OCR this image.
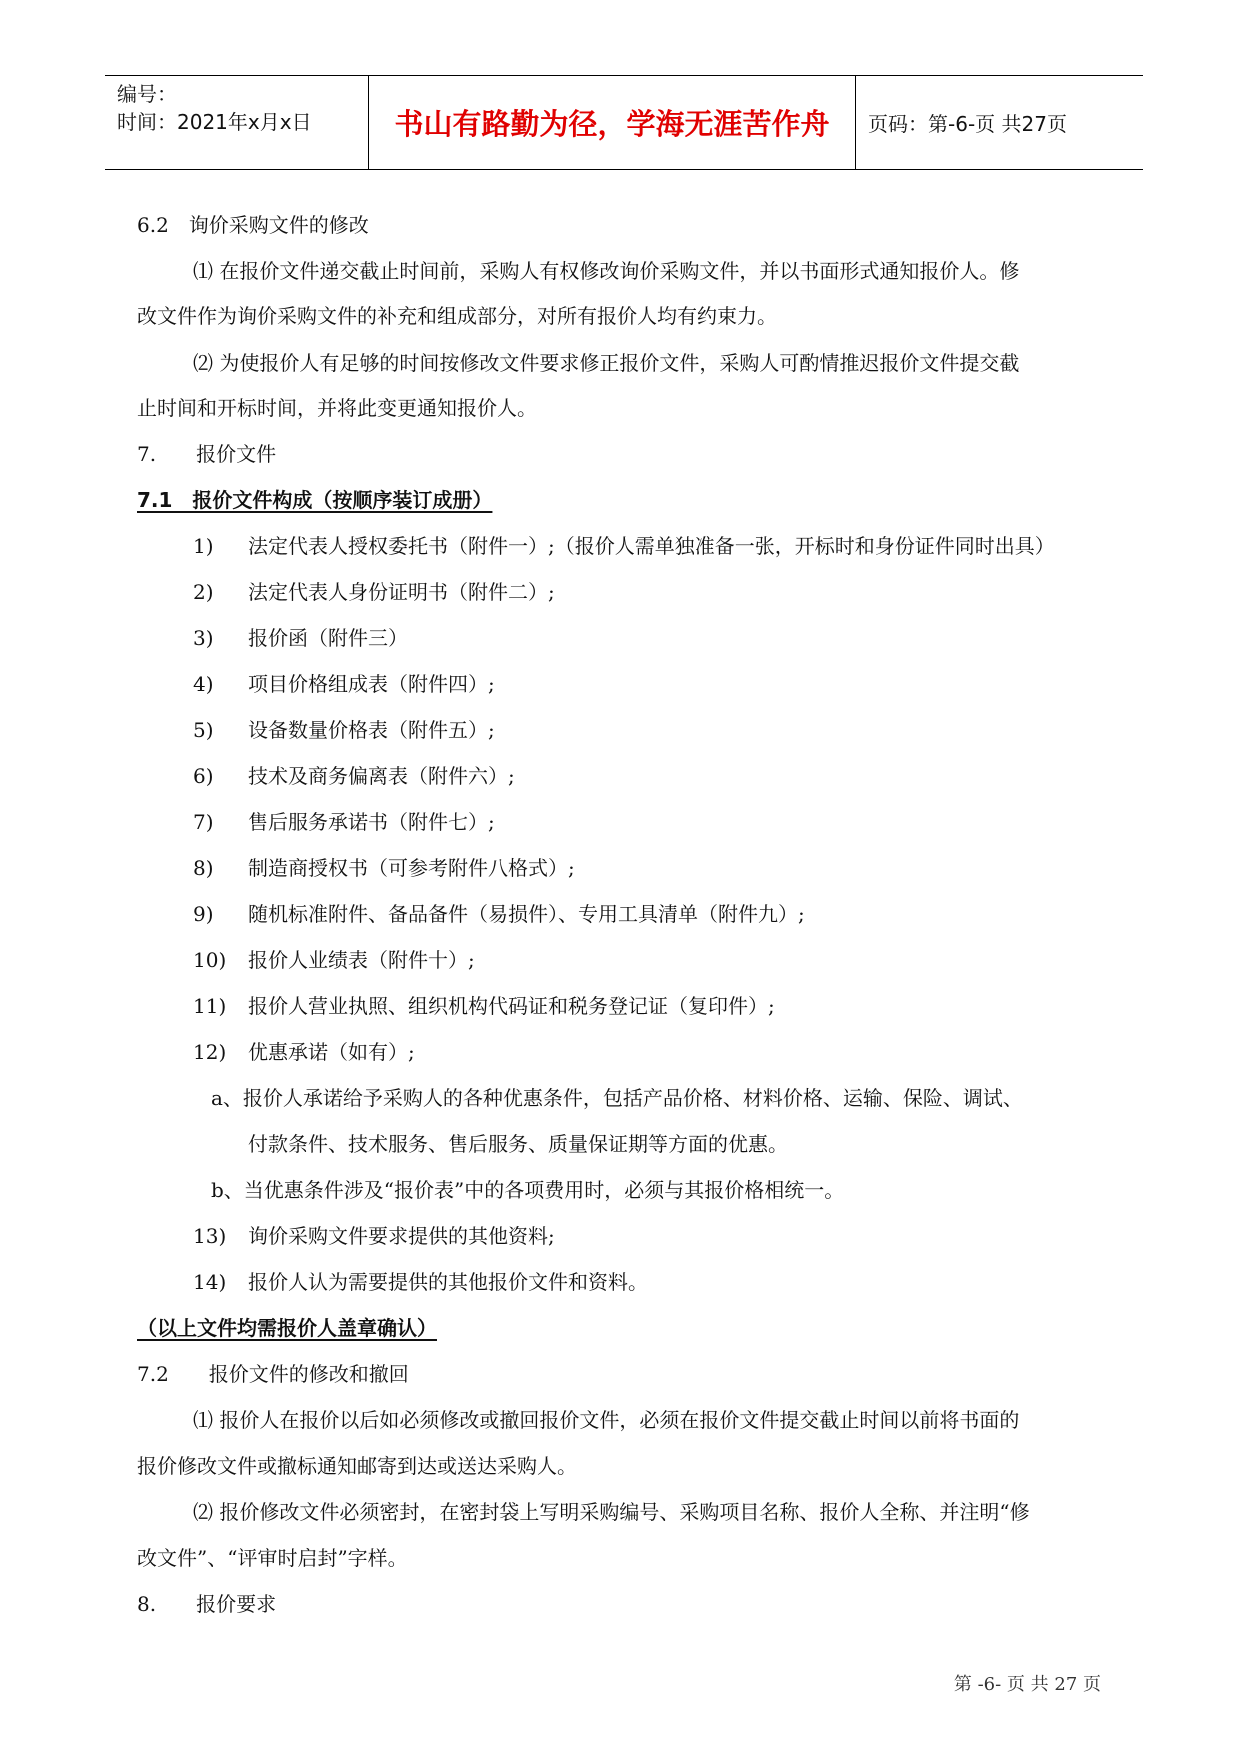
编号：
时间：2021年x月x日	书山有路勤为径，学海无涯苦作舟	页码：第-6-页 共27页
6.2　询价采购文件的修改
⑴ 在报价文件递交截止时间前，采购人有权修改询价采购文件，并以书面形式通知报价人。修
改文件作为询价采购文件的补充和组成部分，对所有报价人均有约束力。
⑵ 为使报价人有足够的时间按修改文件要求修正报价文件，采购人可酌情推迟报价文件提交截
止时间和开标时间，并将此变更通知报价人。
7.　　报价文件
7.1　报价文件构成（按顺序装订成册）
1) 法定代表人授权委托书（附件一）;（报价人需单独准备一张，开标时和身份证件同时出具）
2) 法定代表人身份证明书（附件二）;
3) 报价函（附件三）
4) 项目价格组成表（附件四）;
5) 设备数量价格表（附件五）;
6) 技术及商务偏离表（附件六）;
7) 售后服务承诺书（附件七）;
8) 制造商授权书（可参考附件八格式）;
9) 随机标准附件、备品备件（易损件）、专用工具清单（附件九）;
10) 报价人业绩表（附件十）;
11) 报价人营业执照、组织机构代码证和税务登记证（复印件）;
12) 优惠承诺（如有）;
a、报价人承诺给予采购人的各种优惠条件，包括产品价格、材料价格、运输、保险、调试、
付款条件、技术服务、售后服务、质量保证期等方面的优惠。
b、当优惠条件涉及“报价表”中的各项费用时，必须与其报价格相统一。
13) 询价采购文件要求提供的其他资料;
14) 报价人认为需要提供的其他报价文件和资料。
（以上文件均需报价人盖章确认）
7.2　　报价文件的修改和撤回
⑴ 报价人在报价以后如必须修改或撤回报价文件，必须在报价文件提交截止时间以前将书面的
报价修改文件或撤标通知邮寄到达或送达采购人。
⑵ 报价修改文件必须密封，在密封袋上写明采购编号、采购项目名称、报价人全称、并注明“修
改文件”、“评审时启封”字样。
8.　　报价要求
第 -6- 页 共 27 页
